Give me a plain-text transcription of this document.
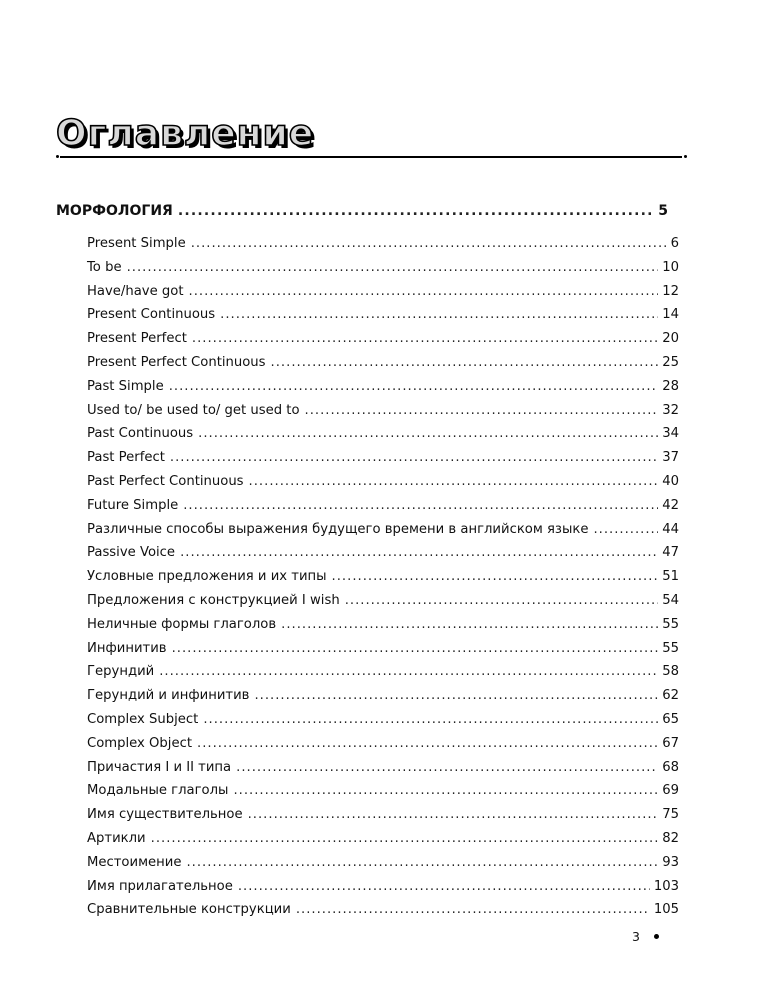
Оглавление
МОРФОЛОГИЯ .....	5
Present Simple .....	6
To be .....	10
Have/have got .....	12
Present Continuous .....	14
Present Perfect .....	20
Present Perfect Continuous .....	25
Past Simple .....	28
Used to/ be used to/ get used to .....	32
Past Continuous .....	34
Past Perfect .....	37
Past Perfect Continuous .....	40
Future Simple .....	42
Различные способы выражения будущего времени в английском языке .....	44
Passive Voice .....	47
Условные предложения и их типы .....	51
Предложения с конструкцией I wish .....	54
Неличные формы глаголов .....	55
Инфинитив .....	55
Герундий .....	58
Герундий и инфинитив .....	62
Complex Subject .....	65
Complex Object .....	67
Причастия I и II типа .....	68
Модальные глаголы .....	69
Имя существительное .....	75
Артикли .....	82
Местоимение .....	93
Имя прилагательное .....	103
Сравнительные конструкции .....	105
3
